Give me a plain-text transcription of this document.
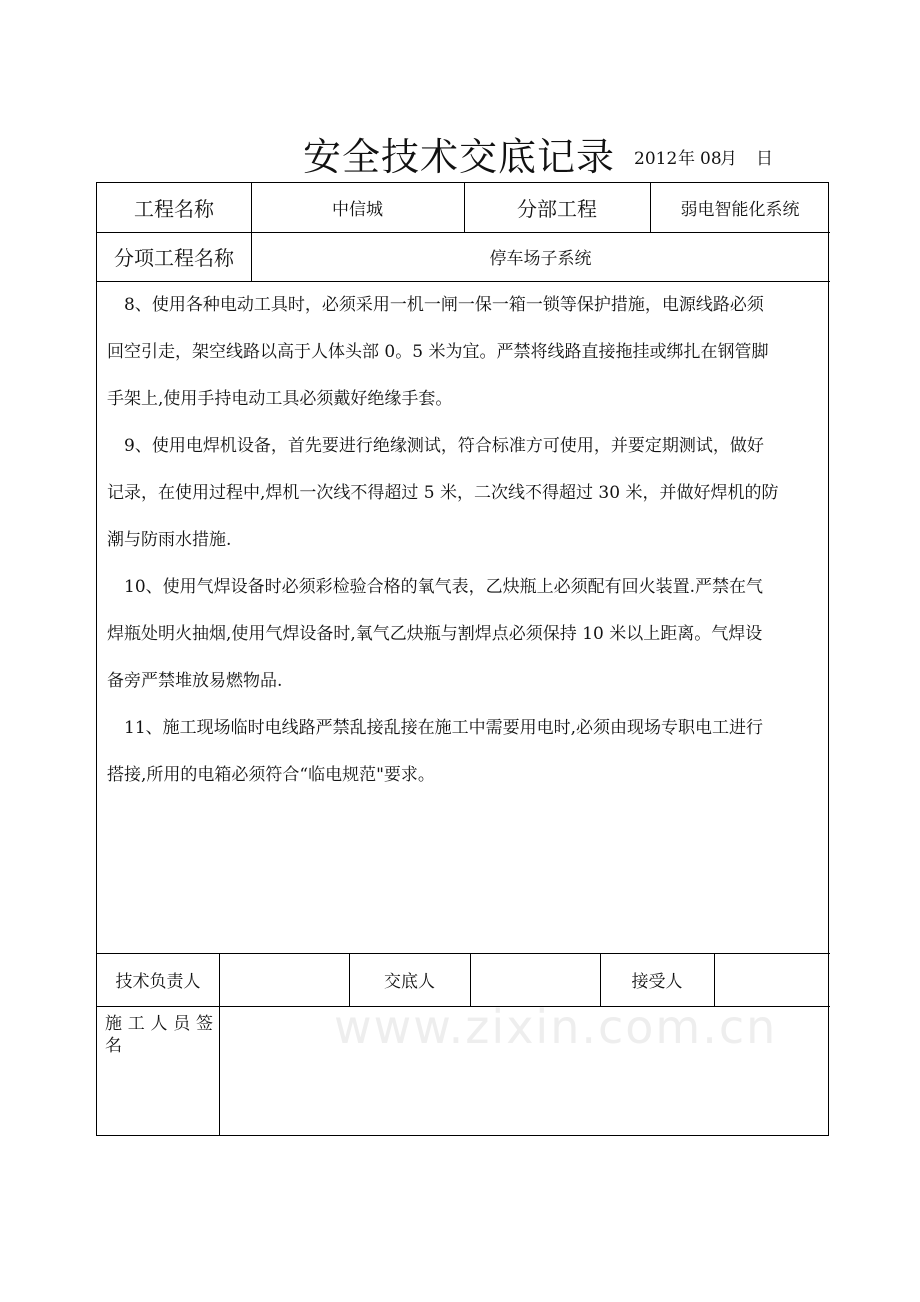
安全技术交底记录 2012年 08月 日
工程名称	中信城	分部工程	弱电智能化系统
分项工程名称	停车场子系统
　8、使用各种电动工具时，必须采用一机一闸一保一箱一锁等保护措施，电源线路必须
回空引走，架空线路以高于人体头部 0。5 米为宜。严禁将线路直接拖挂或绑扎在钢管脚
手架上,使用手持电动工具必须戴好绝缘手套。
　9、使用电焊机设备，首先要进行绝缘测试，符合标准方可使用，并要定期测试，做好
记录，在使用过程中,焊机一次线不得超过 5 米，二次线不得超过 30 米，并做好焊机的防
潮与防雨水措施.
　10、使用气焊设备时必须彩检验合格的氧气表，乙炔瓶上必须配有回火装置.严禁在气
焊瓶处明火抽烟,使用气焊设备时,氧气乙炔瓶与割焊点必须保持 10 米以上距离。气焊设
备旁严禁堆放易燃物品.
　11、施工现场临时电线路严禁乱接乱接在施工中需要用电时,必须由现场专职电工进行
搭接,所用的电箱必须符合“临电规范"要求。
技术负责人	交底人	接受人
施 工 人 员 签
名	www.zixin.com.cn
